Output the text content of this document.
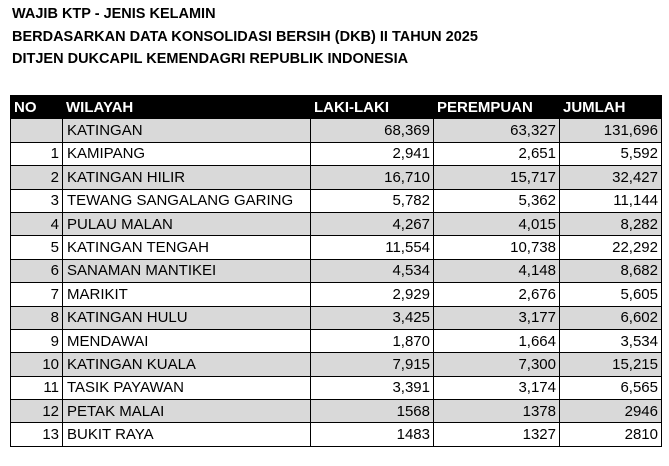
WAJIB KTP - JENIS KELAMIN
BERDASARKAN DATA KONSOLIDASI BERSIH (DKB) II TAHUN 2025
DITJEN DUKCAPIL KEMENDAGRI REPUBLIK INDONESIA
NO	WILAYAH	LAKI-LAKI	PEREMPUAN	JUMLAH
	KATINGAN	68,369	63,327	131,696
1	KAMIPANG	2,941	2,651	5,592
2	KATINGAN HILIR	16,710	15,717	32,427
3	TEWANG SANGALANG GARING	5,782	5,362	11,144
4	PULAU MALAN	4,267	4,015	8,282
5	KATINGAN TENGAH	11,554	10,738	22,292
6	SANAMAN MANTIKEI	4,534	4,148	8,682
7	MARIKIT	2,929	2,676	5,605
8	KATINGAN HULU	3,425	3,177	6,602
9	MENDAWAI	1,870	1,664	3,534
10	KATINGAN KUALA	7,915	7,300	15,215
11	TASIK PAYAWAN	3,391	3,174	6,565
12	PETAK MALAI	1568	1378	2946
13	BUKIT RAYA	1483	1327	2810
